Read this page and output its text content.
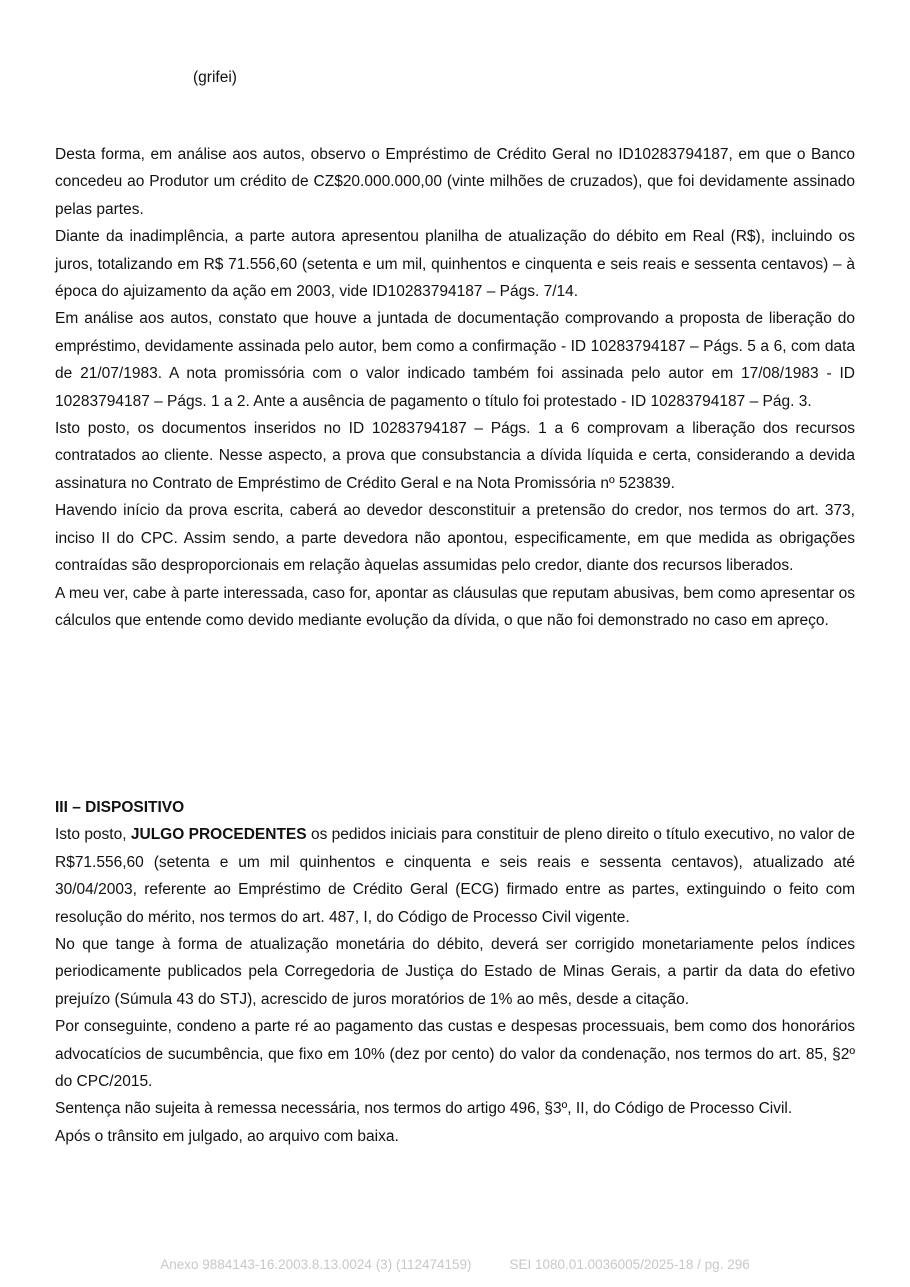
(grifei)

Desta forma, em análise aos autos, observo o Empréstimo de Crédito Geral no ID10283794187, em que o Banco concedeu ao Produtor um crédito de CZ$20.000.000,00 (vinte milhões de cruzados), que foi devidamente assinado pelas partes.

Diante da inadimplência, a parte autora apresentou planilha de atualização do débito em Real (R$), incluindo os juros, totalizando em R$ 71.556,60 (setenta e um mil, quinhentos e cinquenta e seis reais e sessenta centavos) – à época do ajuizamento da ação em 2003, vide ID10283794187 – Págs. 7/14.

Em análise aos autos, constato que houve a juntada de documentação comprovando a proposta de liberação do empréstimo, devidamente assinada pelo autor, bem como a confirmação - ID 10283794187 – Págs. 5 a 6, com data de 21/07/1983. A nota promissória com o valor indicado também foi assinada pelo autor em 17/08/1983 - ID 10283794187 – Págs. 1 a 2. Ante a ausência de pagamento o título foi protestado - ID 10283794187 – Pág. 3.

Isto posto, os documentos inseridos no ID 10283794187 – Págs. 1 a 6 comprovam a liberação dos recursos contratados ao cliente. Nesse aspecto, a prova que consubstancia a dívida líquida e certa, considerando a devida assinatura no Contrato de Empréstimo de Crédito Geral e na Nota Promissória nº 523839.

Havendo início da prova escrita, caberá ao devedor desconstituir a pretensão do credor, nos termos do art. 373, inciso II do CPC. Assim sendo, a parte devedora não apontou, especificamente, em que medida as obrigações contraídas são desproporcionais em relação àquelas assumidas pelo credor, diante dos recursos liberados.

A meu ver, cabe à parte interessada, caso for, apontar as cláusulas que reputam abusivas, bem como apresentar os cálculos que entende como devido mediante evolução da dívida, o que não foi demonstrado no caso em apreço.

III – DISPOSITIVO

Isto posto, JULGO PROCEDENTES os pedidos iniciais para constituir de pleno direito o título executivo, no valor de R$71.556,60 (setenta e um mil quinhentos e cinquenta e seis reais e sessenta centavos), atualizado até 30/04/2003, referente ao Empréstimo de Crédito Geral (ECG) firmado entre as partes, extinguindo o feito com resolução do mérito, nos termos do art. 487, I, do Código de Processo Civil vigente.

No que tange à forma de atualização monetária do débito, deverá ser corrigido monetariamente pelos índices periodicamente publicados pela Corregedoria de Justiça do Estado de Minas Gerais, a partir da data do efetivo prejuízo (Súmula 43 do STJ), acrescido de juros moratórios de 1% ao mês, desde a citação.

Por conseguinte, condeno a parte ré ao pagamento das custas e despesas processuais, bem como dos honorários advocatícios de sucumbência, que fixo em 10% (dez por cento) do valor da condenação, nos termos do art. 85, §2º do CPC/2015.

Sentença não sujeita à remessa necessária, nos termos do artigo 496, §3º, II, do Código de Processo Civil.

Após o trânsito em julgado, ao arquivo com baixa.

Anexo 9884143-16.2003.8.13.0024 (3) (112474159)	SEI 1080.01.0036005/2025-18 / pg. 296
